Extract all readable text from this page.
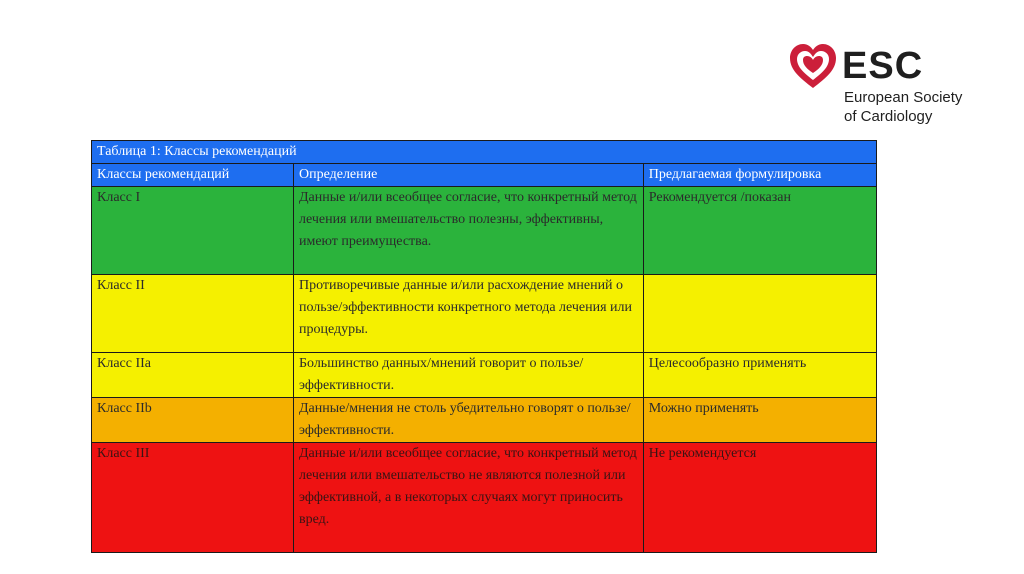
ESC
European Society
of Cardiology
Таблица 1: Классы рекомендаций		
Классы рекомендаций	Определение	Предлагаемая формулировка
Класс I	Данные и/или всеобщее согласие, что конкретный метод лечения или вмешательство полезны, эффективны, имеют преимущества.	Рекомендуется /показан
Класс II	Противоречивые данные и/или расхождение мнений о пользе/эффективности конкретного метода лечения или процедуры.	
Класс IIa	Большинство данных/мнений говорит о пользе/ эффективности.	Целесообразно применять
Класс IIb	Данные/мнения не столь убедительно говорят о пользе/эффективности.	Можно применять
Класс III	Данные и/или всеобщее согласие, что конкретный метод лечения или вмешательство не являются полезной или эффективной, а в некоторых случаях могут приносить вред.	Не рекомендуется
